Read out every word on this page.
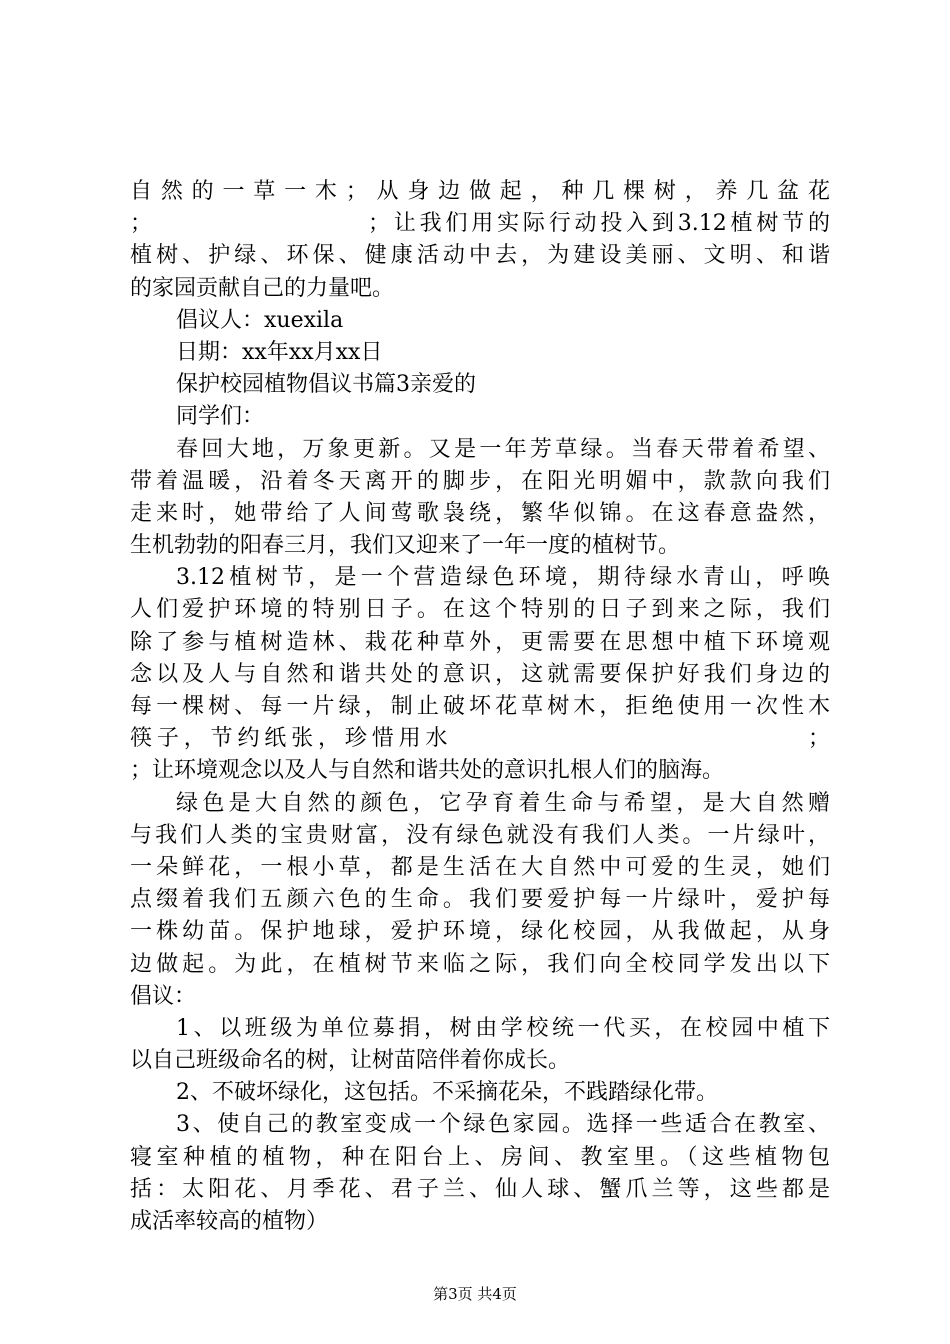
自然的一草一木；从身边做起，种几棵树，养几盆花
；                    ；让我们用实际行动投入到3.12植树节的
植树、护绿、环保、健康活动中去，为建设美丽、文明、和谐
的家园贡献自己的力量吧。
倡议人：xuexila
日期：xx年xx月xx日
保护校园植物倡议书篇3亲爱的
同学们：
春回大地，万象更新。又是一年芳草绿。当春天带着希望、
带着温暖，沿着冬天离开的脚步，在阳光明媚中，款款向我们
走来时，她带给了人间莺歌袅绕，繁华似锦。在这春意盎然，
生机勃勃的阳春三月，我们又迎来了一年一度的植树节。
3.12植树节，是一个营造绿色环境，期待绿水青山，呼唤
人们爱护环境的特别日子。在这个特别的日子到来之际，我们
除了参与植树造林、栽花种草外，更需要在思想中植下环境观
念以及人与自然和谐共处的意识，这就需要保护好我们身边的
每一棵树、每一片绿，制止破坏花草树木，拒绝使用一次性木
筷子，节约纸张，珍惜用水                              ；
；让环境观念以及人与自然和谐共处的意识扎根人们的脑海。
绿色是大自然的颜色，它孕育着生命与希望，是大自然赠
与我们人类的宝贵财富，没有绿色就没有我们人类。一片绿叶，
一朵鲜花，一根小草，都是生活在大自然中可爱的生灵，她们
点缀着我们五颜六色的生命。我们要爱护每一片绿叶，爱护每
一株幼苗。保护地球，爱护环境，绿化校园，从我做起，从身
边做起。为此，在植树节来临之际，我们向全校同学发出以下
倡议：
1、以班级为单位募捐，树由学校统一代买，在校园中植下
以自己班级命名的树，让树苗陪伴着你成长。
2、不破坏绿化，这包括。不采摘花朵，不践踏绿化带。
3、使自己的教室变成一个绿色家园。选择一些适合在教室、
寝室种植的植物，种在阳台上、房间、教室里。（这些植物包
括：太阳花、月季花、君子兰、仙人球、蟹爪兰等，这些都是
成活率较高的植物）
第3页 共4页
